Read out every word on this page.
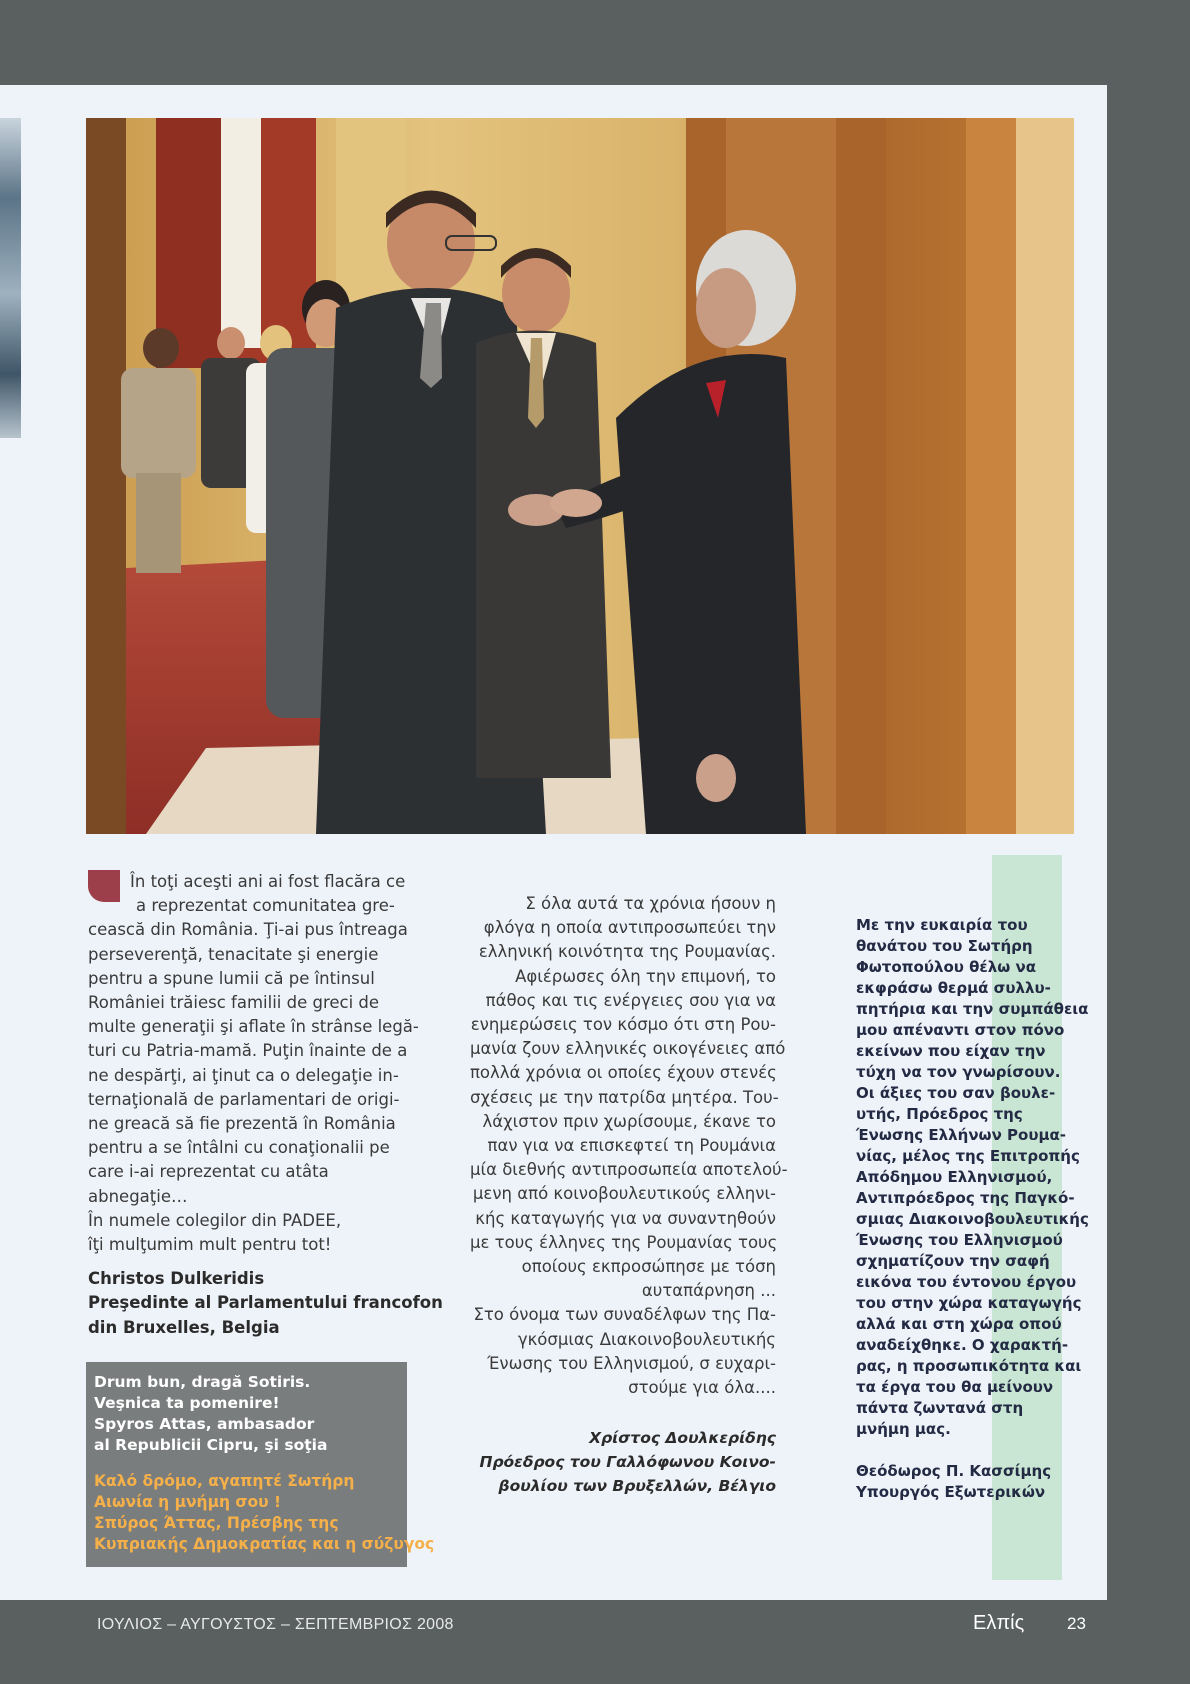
În toţi aceşti ani ai fost flacăra ce
a reprezentat comunitatea gre-
cească din România. Ţi-ai pus întreaga
perseverenţă, tenacitate şi energie
pentru a spune lumii că pe întinsul
României trăiesc familii de greci de
multe generaţii şi aflate în strânse legă-
turi cu Patria-mamă. Puţin înainte de a
ne despărţi, ai ţinut ca o delegaţie in-
ternaţională de parlamentari de origi-
ne greacă să fie prezentă în România
pentru a se întâlni cu conaţionalii pe
care i-ai reprezentat cu atâta
abnegaţie…
În numele colegilor din PADEE,
îţi mulţumim mult pentru tot!
Christos Dulkeridis
Preşedinte al Parlamentului francofon
din Bruxelles, Belgia
Drum bun, dragă Sotiris.
Veşnica ta pomenire!
Spyros Attas, ambasador
al Republicii Cipru, şi soţia
Καλό δρόμο, αγαπητέ Σωτήρη
Αιωνία η μνήμη σου !
Σπύρος Άττας, Πρέσβης της
Κυπριακής Δημοκρατίας και η σύζυγος
Σ όλα αυτά τα χρόνια ήσουν η
φλόγα η οποία αντιπροσωπεύει την
ελληνική κοινότητα της Ρουμανίας.
Αφιέρωσες όλη την επιμονή, το
πάθος και τις ενέργειες σου για να
ενημερώσεις τον κόσμο ότι στη Ρου-
μανία ζουν ελληνικές οικογένειες από
πολλά χρόνια οι οποίες έχουν στενές
σχέσεις με την πατρίδα μητέρα. Του-
λάχιστον πριν χωρίσουμε, έκανε το
παν για να επισκεφτεί τη Ρουμάνια
μία διεθνής αντιπροσωπεία αποτελού-
μενη από κοινοβουλευτικούς ελληνι-
κής καταγωγής για να συναντηθούν
με τους έλληνες της Ρουμανίας τους
οποίους εκπροσώπησε με τόση
αυταπάρνηση ...
Στο όνομα των συναδέλφων της Πα-
γκόσμιας Διακοινοβουλευτικής
Ένωσης του Ελληνισμού, σ ευχαρι-
στούμε για όλα....
Χρίστος Δουλκερίδης
Πρόεδρος του Γαλλόφωνου Κοινο-
βουλίου των Βρυξελλών, Βέλγιο
Με την ευκαιρία του
θανάτου του Σωτήρη
Φωτοπούλου θέλω να
εκφράσω θερμά συλλυ-
πητήρια και την συμπάθεια
μου απέναντι στον πόνο
εκείνων που είχαν την
τύχη να τον γνωρίσουν.
Οι άξιες του σαν βουλε-
υτής, Πρόεδρος της
Ένωσης Ελλήνων Ρουμα-
νίας, μέλος της Επιτροπής
Απόδημου Ελληνισμού,
Αντιπρόεδρος της Παγκό-
σμιας Διακοινοβουλευτικής
Ένωσης του Ελληνισμού
σχηματίζουν την σαφή
εικόνα του έντονου έργου
του στην χώρα καταγωγής
αλλά και στη χώρα οπού
αναδείχθηκε. Ο χαρακτή-
ρας, η προσωπικότητα και
τα έργα του θα μείνουν
πάντα ζωντανά στη
μνήμη μας.
Θεόδωρος Π. Κασσίμης
Υπουργός Εξωτερικών
ΙΟΥΛΙΟΣ – ΑΥΓΟΥΣΤΟΣ – ΣΕΠΤΕΜΒΡΙΟΣ 2008	Ελπίς	23
